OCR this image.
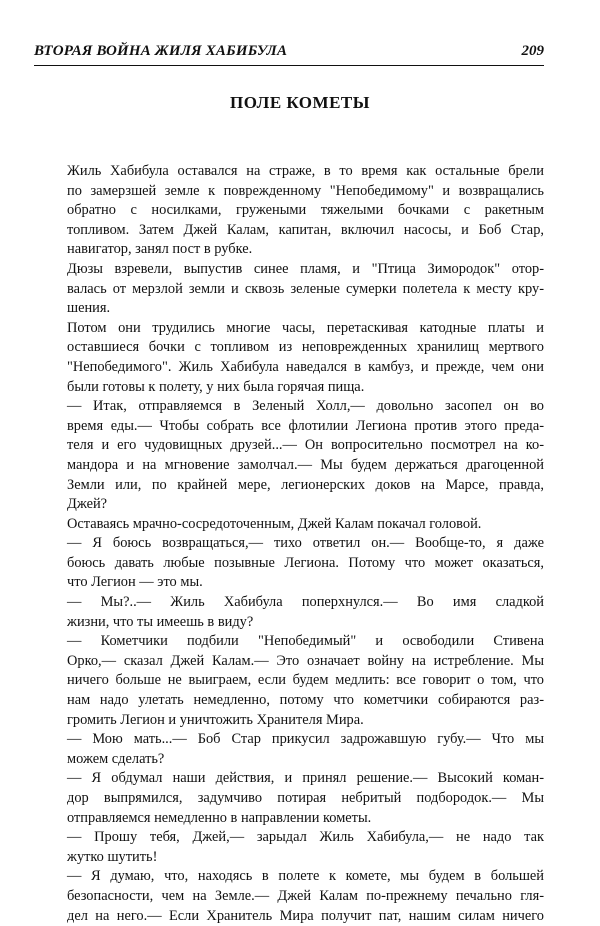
ВТОРАЯ ВОЙНА ЖИЛЯ ХАБИБУЛА	209
ПОЛЕ КОМЕТЫ
Жиль Хабибула оставался на страже, в то время как остальные брели
по замерзшей земле к поврежденному "Непобедимому" и возвращались
обратно с носилками, гружеными тяжелыми бочками с ракетным
топливом. Затем Джей Калам, капитан, включил насосы, и Боб Стар,
навигатор, занял пост в рубке.
Дюзы взревели, выпустив синее пламя, и "Птица Зимородок" отор-
валась от мерзлой земли и сквозь зеленые сумерки полетела к месту кру-
шения.
Потом они трудились многие часы, перетаскивая катодные платы и
оставшиеся бочки с топливом из неповрежденных хранилищ мертвого
"Непобедимого". Жиль Хабибула наведался в камбуз, и прежде, чем они
были готовы к полету, у них была горячая пища.
— Итак, отправляемся в Зеленый Холл,— довольно засопел он во
время еды.— Чтобы собрать все флотилии Легиона против этого преда-
теля и его чудовищных друзей...— Он вопросительно посмотрел на ко-
мандора и на мгновение замолчал.— Мы будем держаться драгоценной
Земли или, по крайней мере, легионерских доков на Марсе, правда,
Джей?
Оставаясь мрачно-сосредоточенным, Джей Калам покачал головой.
— Я боюсь возвращаться,— тихо ответил он.— Вообще-то, я даже
боюсь давать любые позывные Легиона. Потому что может оказаться,
что Легион — это мы.
— Мы?..— Жиль Хабибула поперхнулся.— Во имя сладкой
жизни, что ты имеешь в виду?
— Кометчики подбили "Непобедимый" и освободили Стивена
Орко,— сказал Джей Калам.— Это означает войну на истребление. Мы
ничего больше не выиграем, если будем медлить: все говорит о том, что
нам надо улетать немедленно, потому что кометчики собираются раз-
громить Легион и уничтожить Хранителя Мира.
— Мою мать...— Боб Стар прикусил задрожавшую губу.— Что мы
можем сделать?
— Я обдумал наши действия, и принял решение.— Высокий коман-
дор выпрямился, задумчиво потирая небритый подбородок.— Мы
отправляемся немедленно в направлении кометы.
— Прошу тебя, Джей,— зарыдал Жиль Хабибула,— не надо так
жутко шутить!
— Я думаю, что, находясь в полете к комете, мы будем в большей
безопасности, чем на Земле.— Джей Калам по-прежнему печально гля-
дел на него.— Если Хранитель Мира получит пат, нашим силам ничего
